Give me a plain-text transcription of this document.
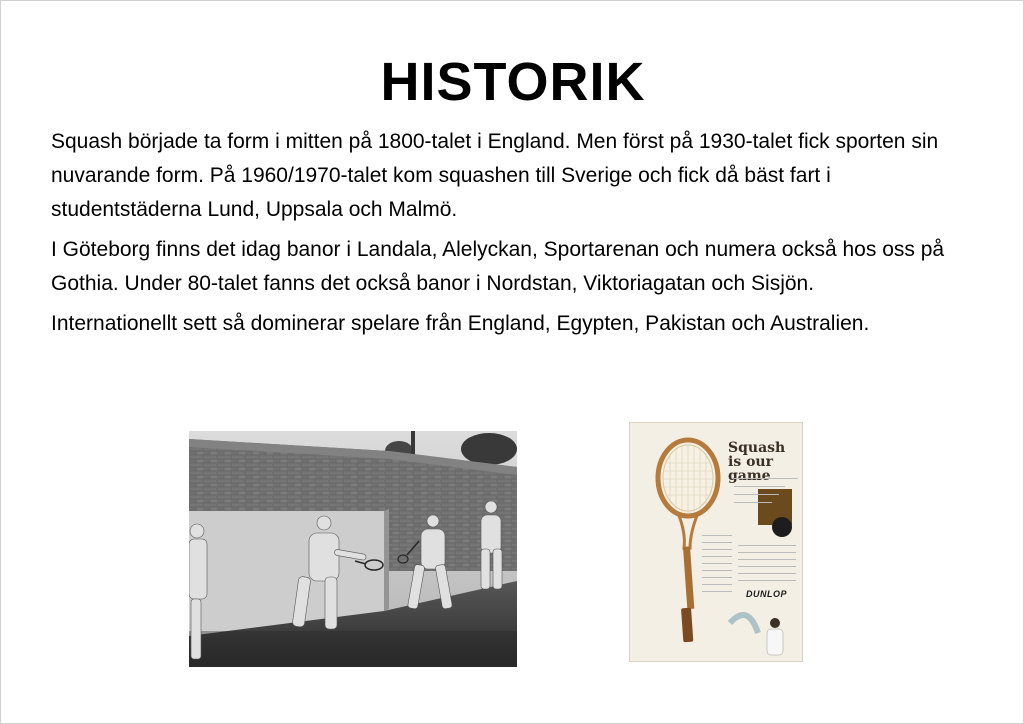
HISTORIK

Squash började ta form i mitten på 1800-talet i England. Men först på 1930-talet fick sporten sin nuvarande form. På 1960/1970-talet kom squashen till Sverige och fick då bäst fart i studentstäderna Lund, Uppsala och Malmö.

I Göteborg finns det idag banor i Landala, Alelyckan, Sportarenan och numera också hos oss på Gothia. Under 80-talet fanns det också banor i Nordstan, Viktoriagatan och Sisjön.

Internationellt sett så dominerar spelare från England, Egypten, Pakistan och Australien.

Squash is our game
DUNLOP
